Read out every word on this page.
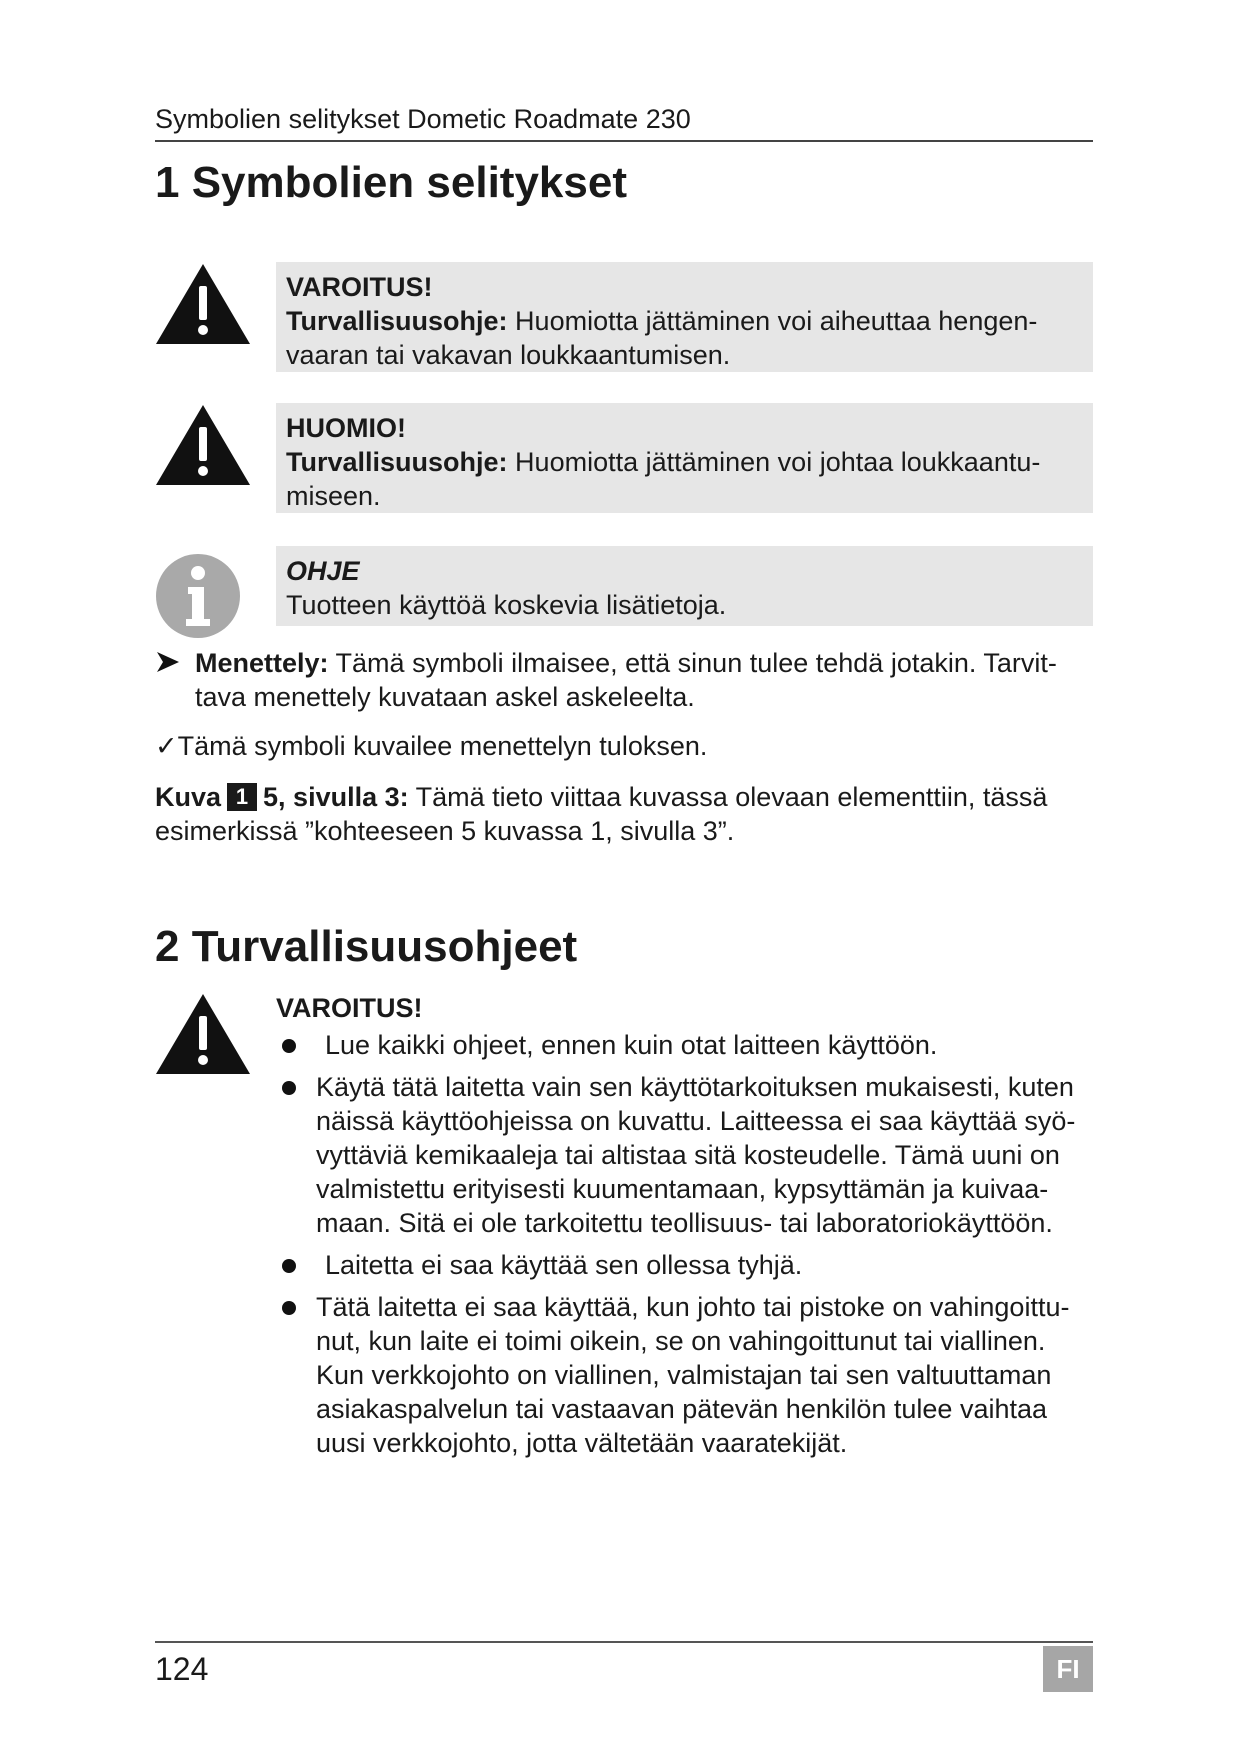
Symbolien selitykset Dometic Roadmate 230
1 Symbolien selitykset
VAROITUS!
Turvallisuusohje: Huomiotta jättäminen voi aiheuttaa hengen-
vaaran tai vakavan loukkaantumisen.
HUOMIO!
Turvallisuusohje: Huomiotta jättäminen voi johtaa loukkaantu-
miseen.
OHJE
Tuotteen käyttöä koskevia lisätietoja.
Menettely: Tämä symboli ilmaisee, että sinun tulee tehdä jotakin. Tarvit-
tava menettely kuvataan askel askeleelta.
✓Tämä symboli kuvailee menettelyn tuloksen.
Kuva 1 5, sivulla 3: Tämä tieto viittaa kuvassa olevaan elementtiin, tässä
esimerkissä ”kohteeseen 5 kuvassa 1, sivulla 3”.
2 Turvallisuusohjeet
VAROITUS!
Lue kaikki ohjeet, ennen kuin otat laitteen käyttöön.
Käytä tätä laitetta vain sen käyttötarkoituksen mukaisesti, kuten
näissä käyttöohjeissa on kuvattu. Laitteessa ei saa käyttää syö-
vyttäviä kemikaaleja tai altistaa sitä kosteudelle. Tämä uuni on
valmistettu erityisesti kuumentamaan, kypsyttämän ja kuivaa-
maan. Sitä ei ole tarkoitettu teollisuus- tai laboratoriokäyttöön.
Laitetta ei saa käyttää sen ollessa tyhjä.
Tätä laitetta ei saa käyttää, kun johto tai pistoke on vahingoittu-
nut, kun laite ei toimi oikein, se on vahingoittunut tai viallinen.
Kun verkkojohto on viallinen, valmistajan tai sen valtuuttaman
asiakaspalvelun tai vastaavan pätevän henkilön tulee vaihtaa
uusi verkkojohto, jotta vältetään vaaratekijät.
124	FI
